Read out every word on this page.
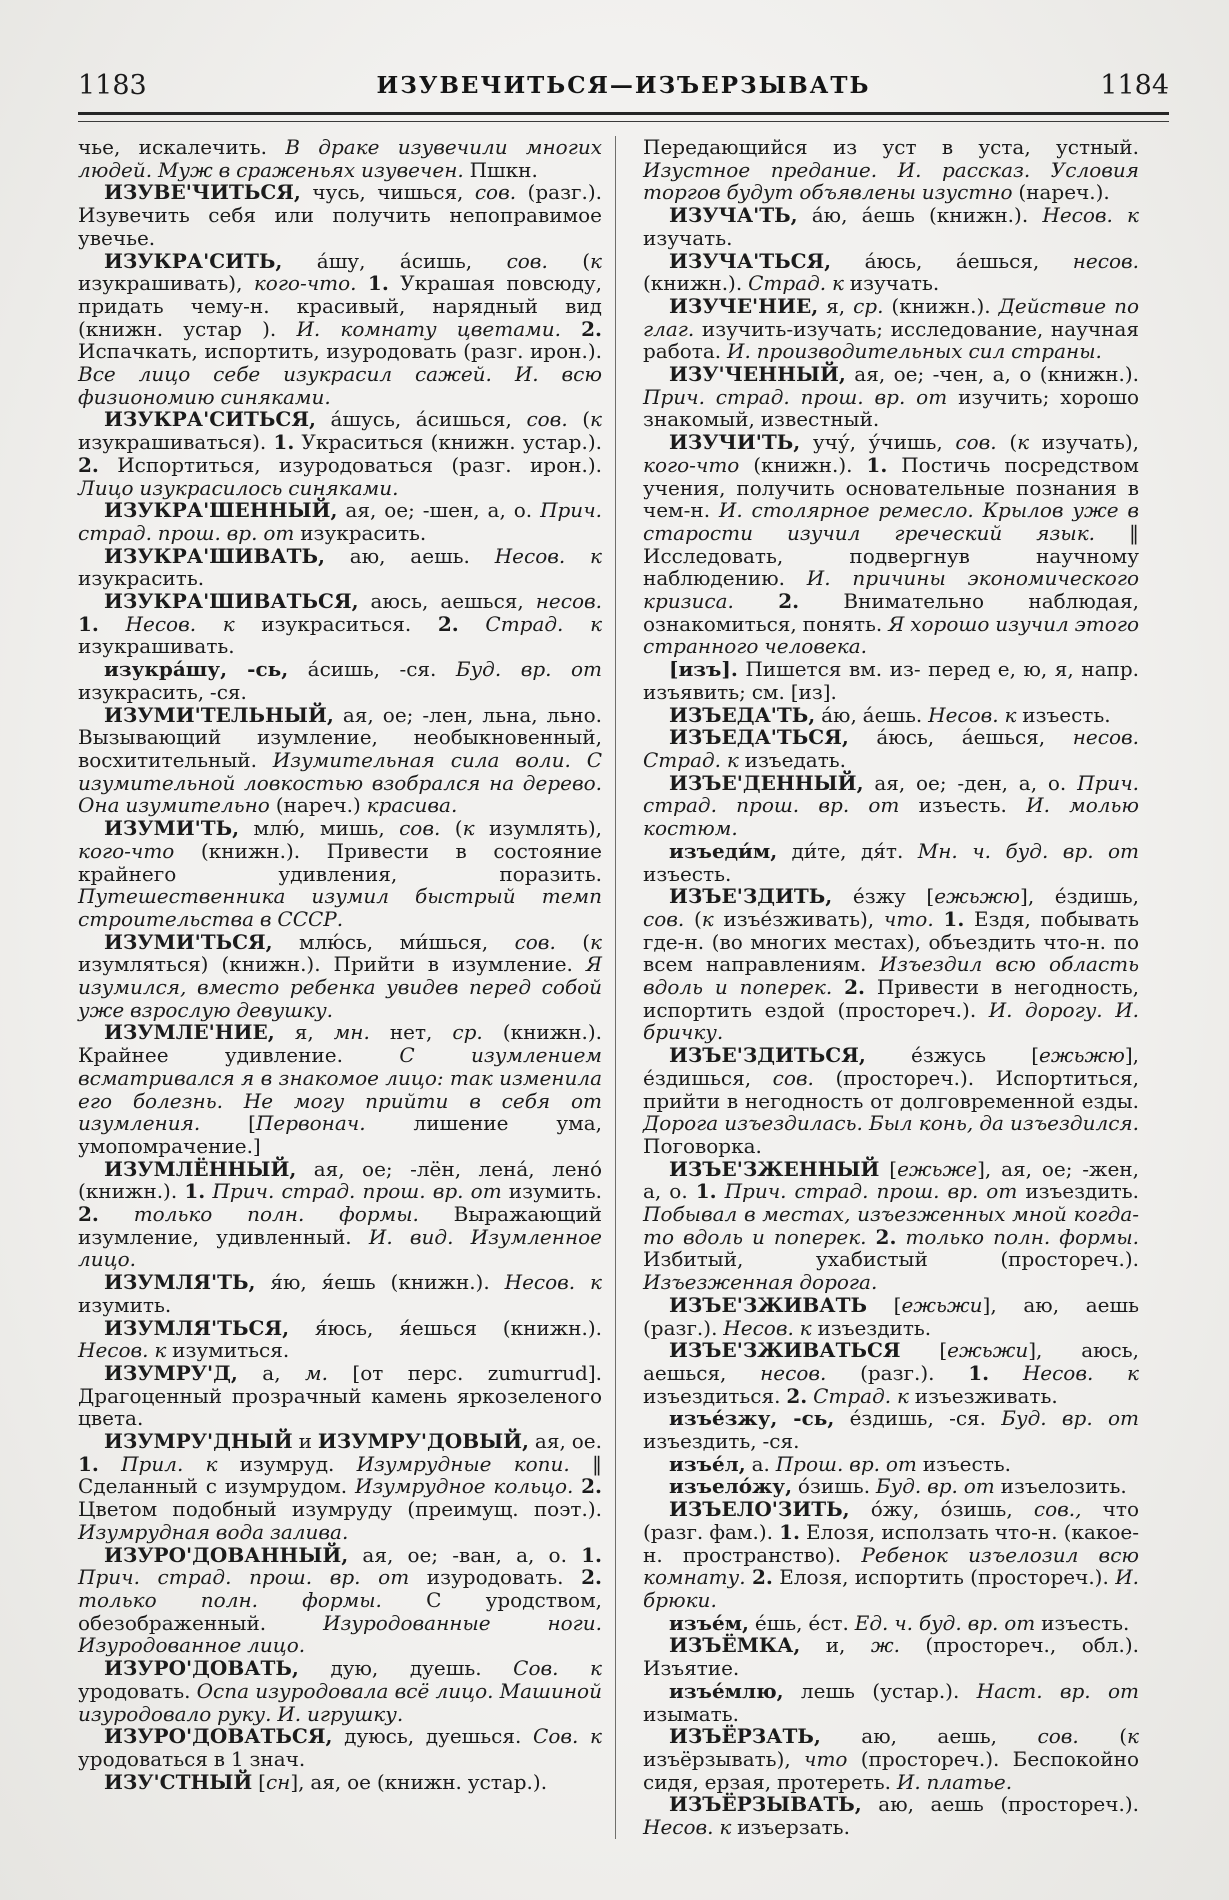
1183	ИЗУВЕЧИТЬСЯ—ИЗЪЕРЗЫВАТЬ	1184

чье, искалечить. В драке изувечили многих людей. Муж в сраженьях изувечен. Пшкн.

ИЗУВЕ'ЧИТЬСЯ, чусь, чишься, сов. (разг.). Изувечить себя или получить непоправимое увечье.

ИЗУКРА'СИТЬ, а́шу, а́сишь, сов. (к изукрашивать), кого-что. 1. Украшая повсюду, придать чему-н. красивый, нарядный вид (книжн. устар ). И. комнату цветами. 2. Испачкать, испортить, изуродовать (разг. ирон.). Все лицо себе изукрасил сажей. И. всю физиономию синяками.

ИЗУКРА'СИТЬСЯ, а́шусь, а́сишься, сов. (к изукрашиваться). 1. Украситься (книжн. устар.). 2. Испортиться, изуродоваться (разг. ирон.). Лицо изукрасилось синяками.

ИЗУКРА'ШЕННЫЙ, ая, ое; -шен, а, о. Прич. страд. прош. вр. от изукрасить.

ИЗУКРА'ШИВАТЬ, аю, аешь. Несов. к изукрасить.

ИЗУКРА'ШИВАТЬСЯ, аюсь, аешься, несов. 1. Несов. к изукраситься. 2. Страд. к изукрашивать.

изукра́шу, -сь, а́сишь, -ся. Буд. вр. от изукрасить, -ся.

ИЗУМИ'ТЕЛЬНЫЙ, ая, ое; -лен, льна, льно. Вызывающий изумление, необыкновенный, восхитительный. Изумительная сила воли. С изумительной ловкостью взобрался на дерево. Она изумительно (нареч.) красива.

ИЗУМИ'ТЬ, млю́, мишь, сов. (к изумлять), кого-что (книжн.). Привести в состояние крайнего удивления, поразить. Путешественника изумил быстрый темп строительства в СССР.

ИЗУМИ'ТЬСЯ, млю́сь, ми́шься, сов. (к изумляться) (книжн.). Прийти в изумление. Я изумился, вместо ребенка увидев перед собой уже взрослую девушку.

ИЗУМЛЕ'НИЕ, я, мн. нет, ср. (книжн.). Крайнее удивление. С изумлением всматривался я в знакомое лицо: так изменила его болезнь. Не могу прийти в себя от изумления. [Первонач. лишение ума, умопомрачение.]

ИЗУМЛЁННЫЙ, ая, ое; -лён, лена́, лено́ (книжн.). 1. Прич. страд. прош. вр. от изумить. 2. только полн. формы. Выражающий изумление, удивленный. И. вид. Изумленное лицо.

ИЗУМЛЯ'ТЬ, я́ю, я́ешь (книжн.). Несов. к изумить.

ИЗУМЛЯ'ТЬСЯ, я́юсь, я́ешься (книжн.). Несов. к изумиться.

ИЗУМРУ'Д, а, м. [от перс. zumurrud]. Драгоценный прозрачный камень яркозеленого цвета.

ИЗУМРУ'ДНЫЙ и ИЗУМРУ'ДОВЫЙ, ая, ое. 1. Прил. к изумруд. Изумрудные копи. ‖ Сделанный с изумрудом. Изумрудное кольцо. 2. Цветом подобный изумруду (преимущ. поэт.). Изумрудная вода залива.

ИЗУРО'ДОВАННЫЙ, ая, ое; -ван, а, о. 1. Прич. страд. прош. вр. от изуродовать. 2. только полн. формы. С уродством, обезображенный. Изуродованные ноги. Изуродованное лицо.

ИЗУРО'ДОВАТЬ, дую, дуешь. Сов. к уродовать. Оспа изуродовала всё лицо. Машиной изуродовало руку. И. игрушку.

ИЗУРО'ДОВАТЬСЯ, дуюсь, дуешься. Сов. к уродоваться в 1 знач.

ИЗУ'СТНЫЙ [сн], ая, ое (книжн. устар.).

Передающийся из уст в уста, устный. Изустное предание. И. рассказ. Условия торгов будут объявлены изустно (нареч.).

ИЗУЧА'ТЬ, а́ю, а́ешь (книжн.). Несов. к изучать.

ИЗУЧА'ТЬСЯ, а́юсь, а́ешься, несов. (книжн.). Страд. к изучать.

ИЗУЧЕ'НИЕ, я, ср. (книжн.). Действие по глаг. изучить-изучать; исследование, научная работа. И. производительных сил страны.

ИЗУ'ЧЕННЫЙ, ая, ое; -чен, а, о (книжн.). Прич. страд. прош. вр. от изучить; хорошо знакомый, известный.

ИЗУЧИ'ТЬ, учу́, у́чишь, сов. (к изучать), кого-что (книжн.). 1. Постичь посредством учения, получить основательные познания в чем-н. И. столярное ремесло. Крылов уже в старости изучил греческий язык. ‖ Исследовать, подвергнув научному наблюдению. И. причины экономического кризиса. 2. Внимательно наблюдая, ознакомиться, понять. Я хорошо изучил этого странного человека.

[изъ]. Пишется вм. из- перед е, ю, я, напр. изъявить; см. [из].

ИЗЪЕДА'ТЬ, а́ю, а́ешь. Несов. к изъесть.

ИЗЪЕДА'ТЬСЯ, а́юсь, а́ешься, несов. Страд. к изъедать.

ИЗЪЕ'ДЕННЫЙ, ая, ое; -ден, а, о. Прич. страд. прош. вр. от изъесть. И. молью костюм.

изъеди́м, ди́те, дя́т. Мн. ч. буд. вр. от изъесть.

ИЗЪЕ'ЗДИТЬ, е́зжу [ежьжю], е́здишь, сов. (к изъе́зживать), что. 1. Ездя, побывать где-н. (во многих местах), объездить что-н. по всем направлениям. Изъездил всю область вдоль и поперек. 2. Привести в негодность, испортить ездой (простореч.). И. дорогу. И. бричку.

ИЗЪЕ'ЗДИТЬСЯ, е́зжусь [ежьжю], е́здишься, сов. (простореч.). Испортиться, прийти в негодность от долговременной езды. Дорога изъездилась. Был конь, да изъездился. Поговорка.

ИЗЪЕ'ЗЖЕННЫЙ [ежьже], ая, ое; -жен, а, о. 1. Прич. страд. прош. вр. от изъездить. Побывал в местах, изъезженных мной когда-то вдоль и поперек. 2. только полн. формы. Избитый, ухабистый (простореч.). Изъезженная дорога.

ИЗЪЕ'ЗЖИВАТЬ [ежьжи], аю, аешь (разг.). Несов. к изъездить.

ИЗЪЕ'ЗЖИВАТЬСЯ [ежьжи], аюсь, аешься, несов. (разг.). 1. Несов. к изъездиться. 2. Страд. к изъезживать.

изъе́зжу, -сь, е́здишь, -ся. Буд. вр. от изъездить, -ся.

изъе́л, а. Прош. вр. от изъесть.

изъело́жу, о́зишь. Буд. вр. от изъелозить.

ИЗЪЕЛО'ЗИТЬ, о́жу, о́зишь, сов., что (разг. фам.). 1. Елозя, исползать что-н. (какое-н. пространство). Ребенок изъелозил всю комнату. 2. Елозя, испортить (простореч.). И. брюки.

изъе́м, е́шь, е́ст. Ед. ч. буд. вр. от изъесть.

ИЗЪЁМКА, и, ж. (простореч., обл.). Изъятие.

изъе́млю, лешь (устар.). Наст. вр. от изымать.

ИЗЪЁРЗАТЬ, аю, аешь, сов. (к изъёрзывать), что (простореч.). Беспокойно сидя, ерзая, протереть. И. платье.

ИЗЪЁРЗЫВАТЬ, аю, аешь (простореч.). Несов. к изъерзать.
